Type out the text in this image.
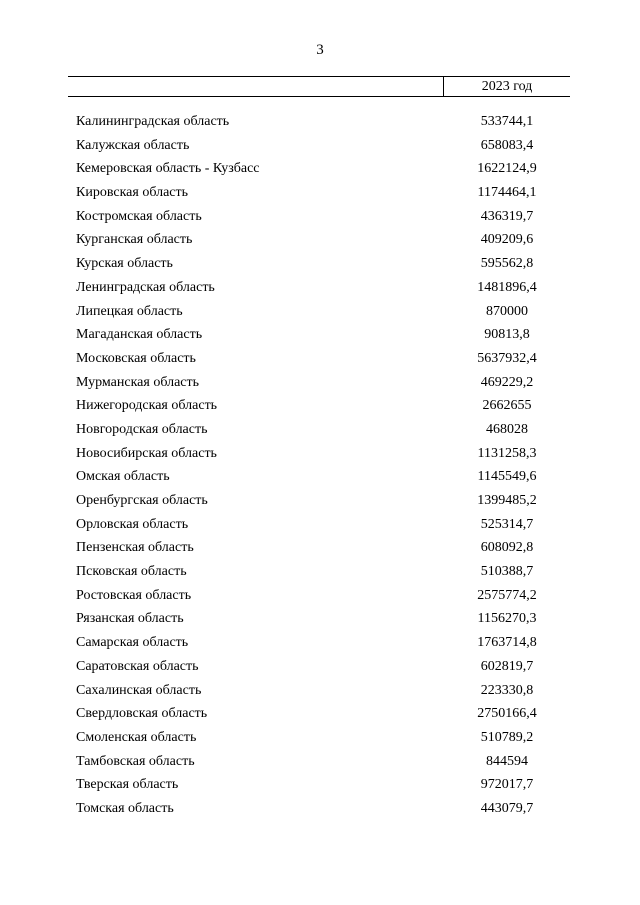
3
2023 год
Калининградская область	533744,1
Калужская область	658083,4
Кемеровская область - Кузбасс	1622124,9
Кировская область	1174464,1
Костромская область	436319,7
Курганская область	409209,6
Курская область	595562,8
Ленинградская область	1481896,4
Липецкая область	870000
Магаданская область	90813,8
Московская область	5637932,4
Мурманская область	469229,2
Нижегородская область	2662655
Новгородская область	468028
Новосибирская область	1131258,3
Омская область	1145549,6
Оренбургская область	1399485,2
Орловская область	525314,7
Пензенская область	608092,8
Псковская область	510388,7
Ростовская область	2575774,2
Рязанская область	1156270,3
Самарская область	1763714,8
Саратовская область	602819,7
Сахалинская область	223330,8
Свердловская область	2750166,4
Смоленская область	510789,2
Тамбовская область	844594
Тверская область	972017,7
Томская область	443079,7
